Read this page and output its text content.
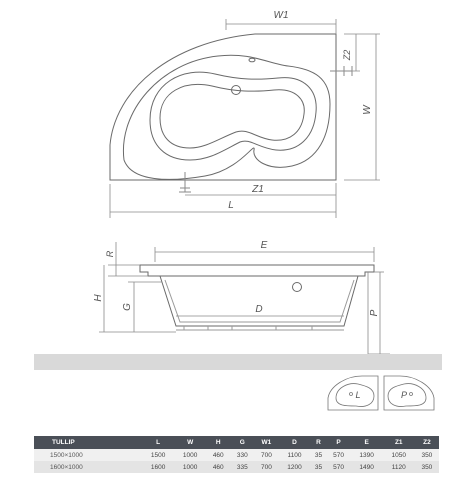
W1
Z2
W
Z1
L
R
E
H
G	D	P
L	P
TULLIP	L	W	H	G	W1	D	R	P	E	Z1	Z2
1500×1000	1500	1000	460	330	700	1100	35	570	1390	1050	350
1600×1000	1600	1000	460	335	700	1200	35	570	1490	1120	350
